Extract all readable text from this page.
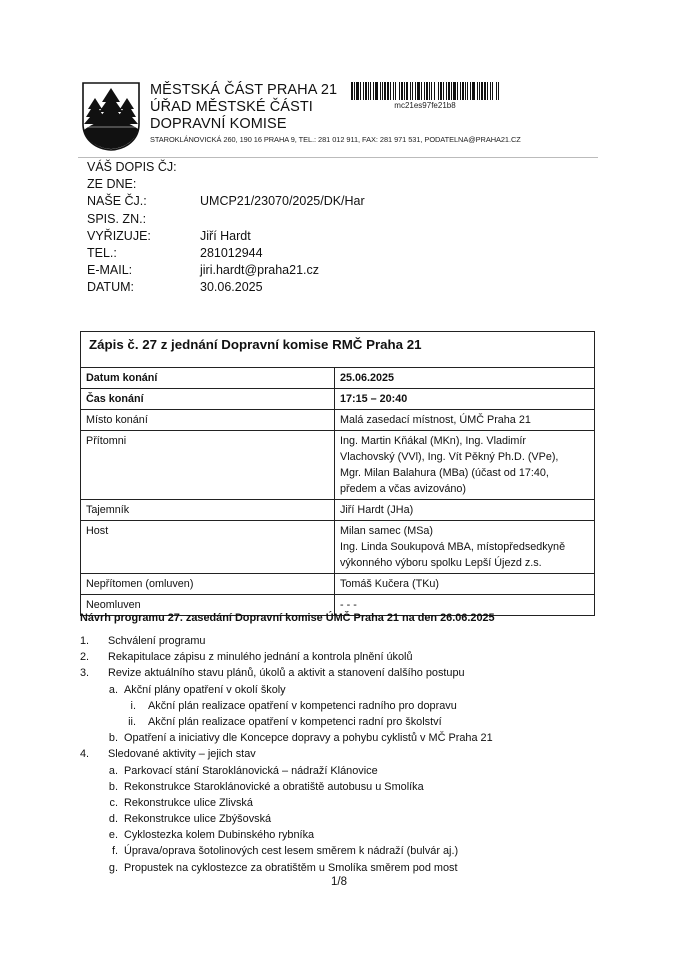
MĚSTSKÁ ČÁST PRAHA 21
ÚŘAD MĚSTSKÉ ČÁSTI
DOPRAVNÍ KOMISE
STAROKLÁNOVICKÁ 260, 190 16 PRAHA 9, TEL.: 281 012 911, FAX: 281 971 531, PODATELNA@PRAHA21.CZ
mc21es97fe21b8
VÁŠ DOPIS ČJ:
ZE DNE:
NAŠE ČJ.:	UMCP21/23070/2025/DK/Har
SPIS. ZN.:
VYŘIZUJE:	Jiří Hardt
TEL.:	281012944
E-MAIL:	jiri.hardt@praha21.cz
DATUM:	30.06.2025
Zápis č. 27 z jednání Dopravní komise RMČ Praha 21
Datum konání	25.06.2025
Čas konání	17:15 – 20:40
Místo konání	Malá zasedací místnost, ÚMČ Praha 21
Přítomni	Ing. Martin Kňákal (MKn), Ing. Vladimír
Vlachovský (VVl), Ing. Vít Pěkný Ph.D. (VPe),
Mgr. Milan Balahura (MBa) (účast od 17:40,
předem a včas avizováno)
Tajemník	Jiří Hardt (JHa)
Host	Milan samec (MSa)
Ing. Linda Soukupová MBA, místopředsedkyně
výkonného výboru spolku Lepší Újezd z.s.
Nepřítomen (omluven)	Tomáš Kučera (TKu)
Neomluven	- - -
Návrh programu 27. zasedání Dopravní komise ÚMČ Praha 21 na den 26.06.2025
1.	Schválení programu
2.	Rekapitulace zápisu z minulého jednání a kontrola plnění úkolů
3.	Revize aktuálního stavu plánů, úkolů a aktivit a stanovení dalšího postupu
a. Akční plány opatření v okolí školy
i. Akční plán realizace opatření v kompetenci radního pro dopravu
ii. Akční plán realizace opatření v kompetenci radní pro školství
b. Opatření a iniciativy dle Koncepce dopravy a pohybu cyklistů v MČ Praha 21
4.	Sledované aktivity – jejich stav
a. Parkovací stání Staroklánovická – nádraží Klánovice
b. Rekonstrukce Staroklánovické a obratiště autobusu u Smolíka
c. Rekonstrukce ulice Zlivská
d. Rekonstrukce ulice Zbýšovská
e. Cyklostezka kolem Dubinského rybníka
f. Úprava/oprava šotolinových cest lesem směrem k nádraží (bulvár aj.)
g. Propustek na cyklostezce za obratištěm u Smolíka směrem pod most
1/8
